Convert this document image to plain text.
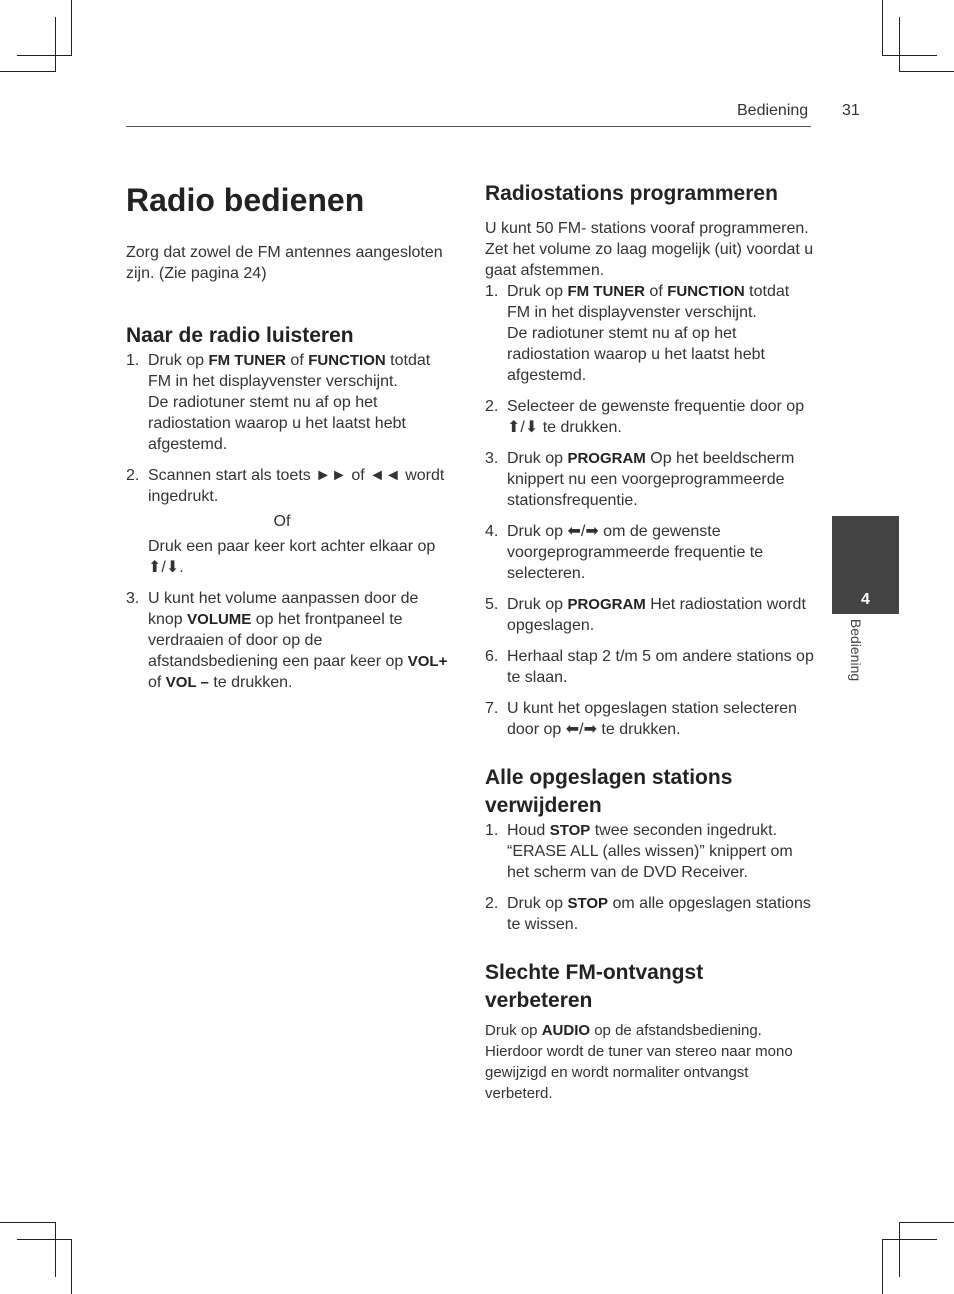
Bediening 31
4
Bediening
Radio bedienen

Zorg dat zowel de FM antennes aangesloten zijn. (Zie pagina 24)

Naar de radio luisteren
1. Druk op FM TUNER of FUNCTION totdat FM in het displayvenster verschijnt.
De radiotuner stemt nu af op het radiostation waarop u het laatst hebt afgestemd.
2. Scannen start als toets ►► of ◄◄ wordt ingedrukt.
Of
Druk een paar keer kort achter elkaar op ⬆/⬇.
3. U kunt het volume aanpassen door de knop VOLUME op het frontpaneel te verdraaien of door op de afstandsbediening een paar keer op VOL+ of VOL – te drukken.
Radiostations programmeren

U kunt 50 FM- stations vooraf programmeren.

Zet het volume zo laag mogelijk (uit) voordat u gaat afstemmen.

1. Druk op FM TUNER of FUNCTION totdat FM in het displayvenster verschijnt.
De radiotuner stemt nu af op het radiostation waarop u het laatst hebt afgestemd.
2. Selecteer de gewenste frequentie door op ⬆/⬇ te drukken.
3. Druk op PROGRAM Op het beeldscherm knippert nu een voorgeprogrammeerde stationsfrequentie.
4. Druk op ⬅/➡ om de gewenste voorgeprogrammeerde frequentie te selecteren.
5. Druk op PROGRAM Het radiostation wordt opgeslagen.
6. Herhaal stap 2 t/m 5 om andere stations op te slaan.
7. U kunt het opgeslagen station selecteren door op ⬅/➡ te drukken.
Alle opgeslagen stations verwijderen
1. Houd STOP twee seconden ingedrukt. “ERASE ALL (alles wissen)” knippert om het scherm van de DVD Receiver.
2. Druk op STOP om alle opgeslagen stations te wissen.
Slechte FM-ontvangst verbeteren

Druk op AUDIO op de afstandsbediening. Hierdoor wordt de tuner van stereo naar mono gewijzigd en wordt normaliter ontvangst verbeterd.
